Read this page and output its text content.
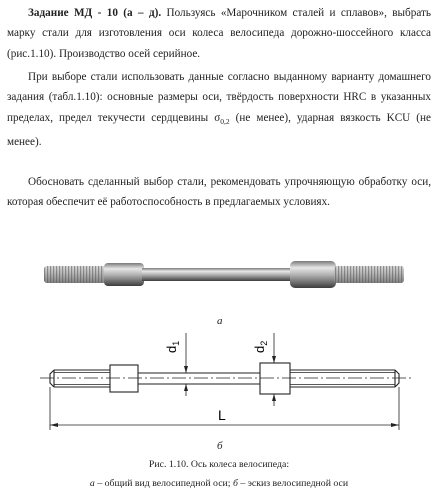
Задание МД - 10 (а – д). Пользуясь «Марочником сталей и сплавов», выбрать марку стали для изготовления оси колеса велосипеда дорожно-шоссейного класса (рис.1.10). Производство осей серийное.
При выборе стали использовать данные согласно выданному варианту домашнего задания (табл.1.10): основные размеры оси, твёрдость поверхности HRC в указанных пределах, предел текучести сердцевины $\sigma_{0,2}$ (не менее), ударная вязкость KCU (не менее).
Обосновать сделанный выбор стали, рекомендовать упрочняющую обработку оси, которая обеспечит её работоспособность в предлагаемых условиях.
а
$d_1$
$d_2$
L
б
Рис. 1.10. Ось колеса велосипеда:
а – общий вид велосипедной оси; б – эскиз велосипедной оси
